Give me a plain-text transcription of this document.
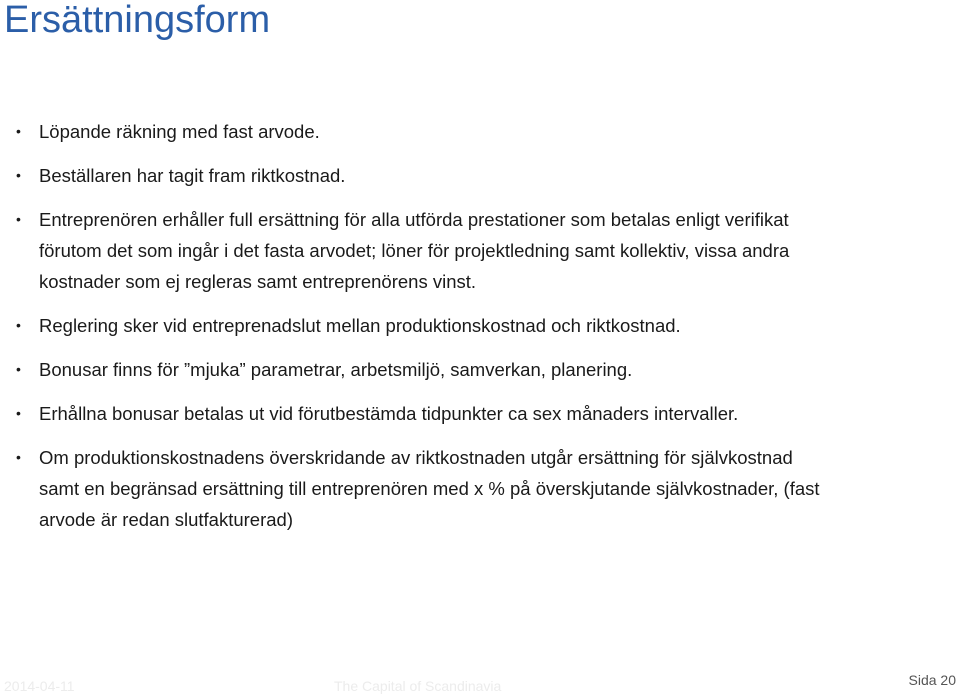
Ersättningsform
• Löpande räkning med fast arvode.
• Beställaren har tagit fram riktkostnad.
• Entreprenören erhåller full ersättning för alla utförda prestationer som betalas enligt verifikat förutom det som ingår i det fasta arvodet; löner för projektledning samt kollektiv, vissa andra kostnader som ej regleras samt entreprenörens vinst.
• Reglering sker vid entreprenadslut mellan produktionskostnad och riktkostnad.
• Bonusar finns för ”mjuka” parametrar, arbetsmiljö, samverkan, planering.
• Erhållna bonusar betalas ut vid förutbestämda tidpunkter ca sex månaders intervaller.
• Om produktionskostnadens överskridande av riktkostnaden utgår ersättning för självkostnad samt en begränsad ersättning till entreprenören med x % på överskjutande självkostnader, (fast arvode är redan slutfakturerad)
2014-04-11	The Capital of Scandinavia	Sida 20
